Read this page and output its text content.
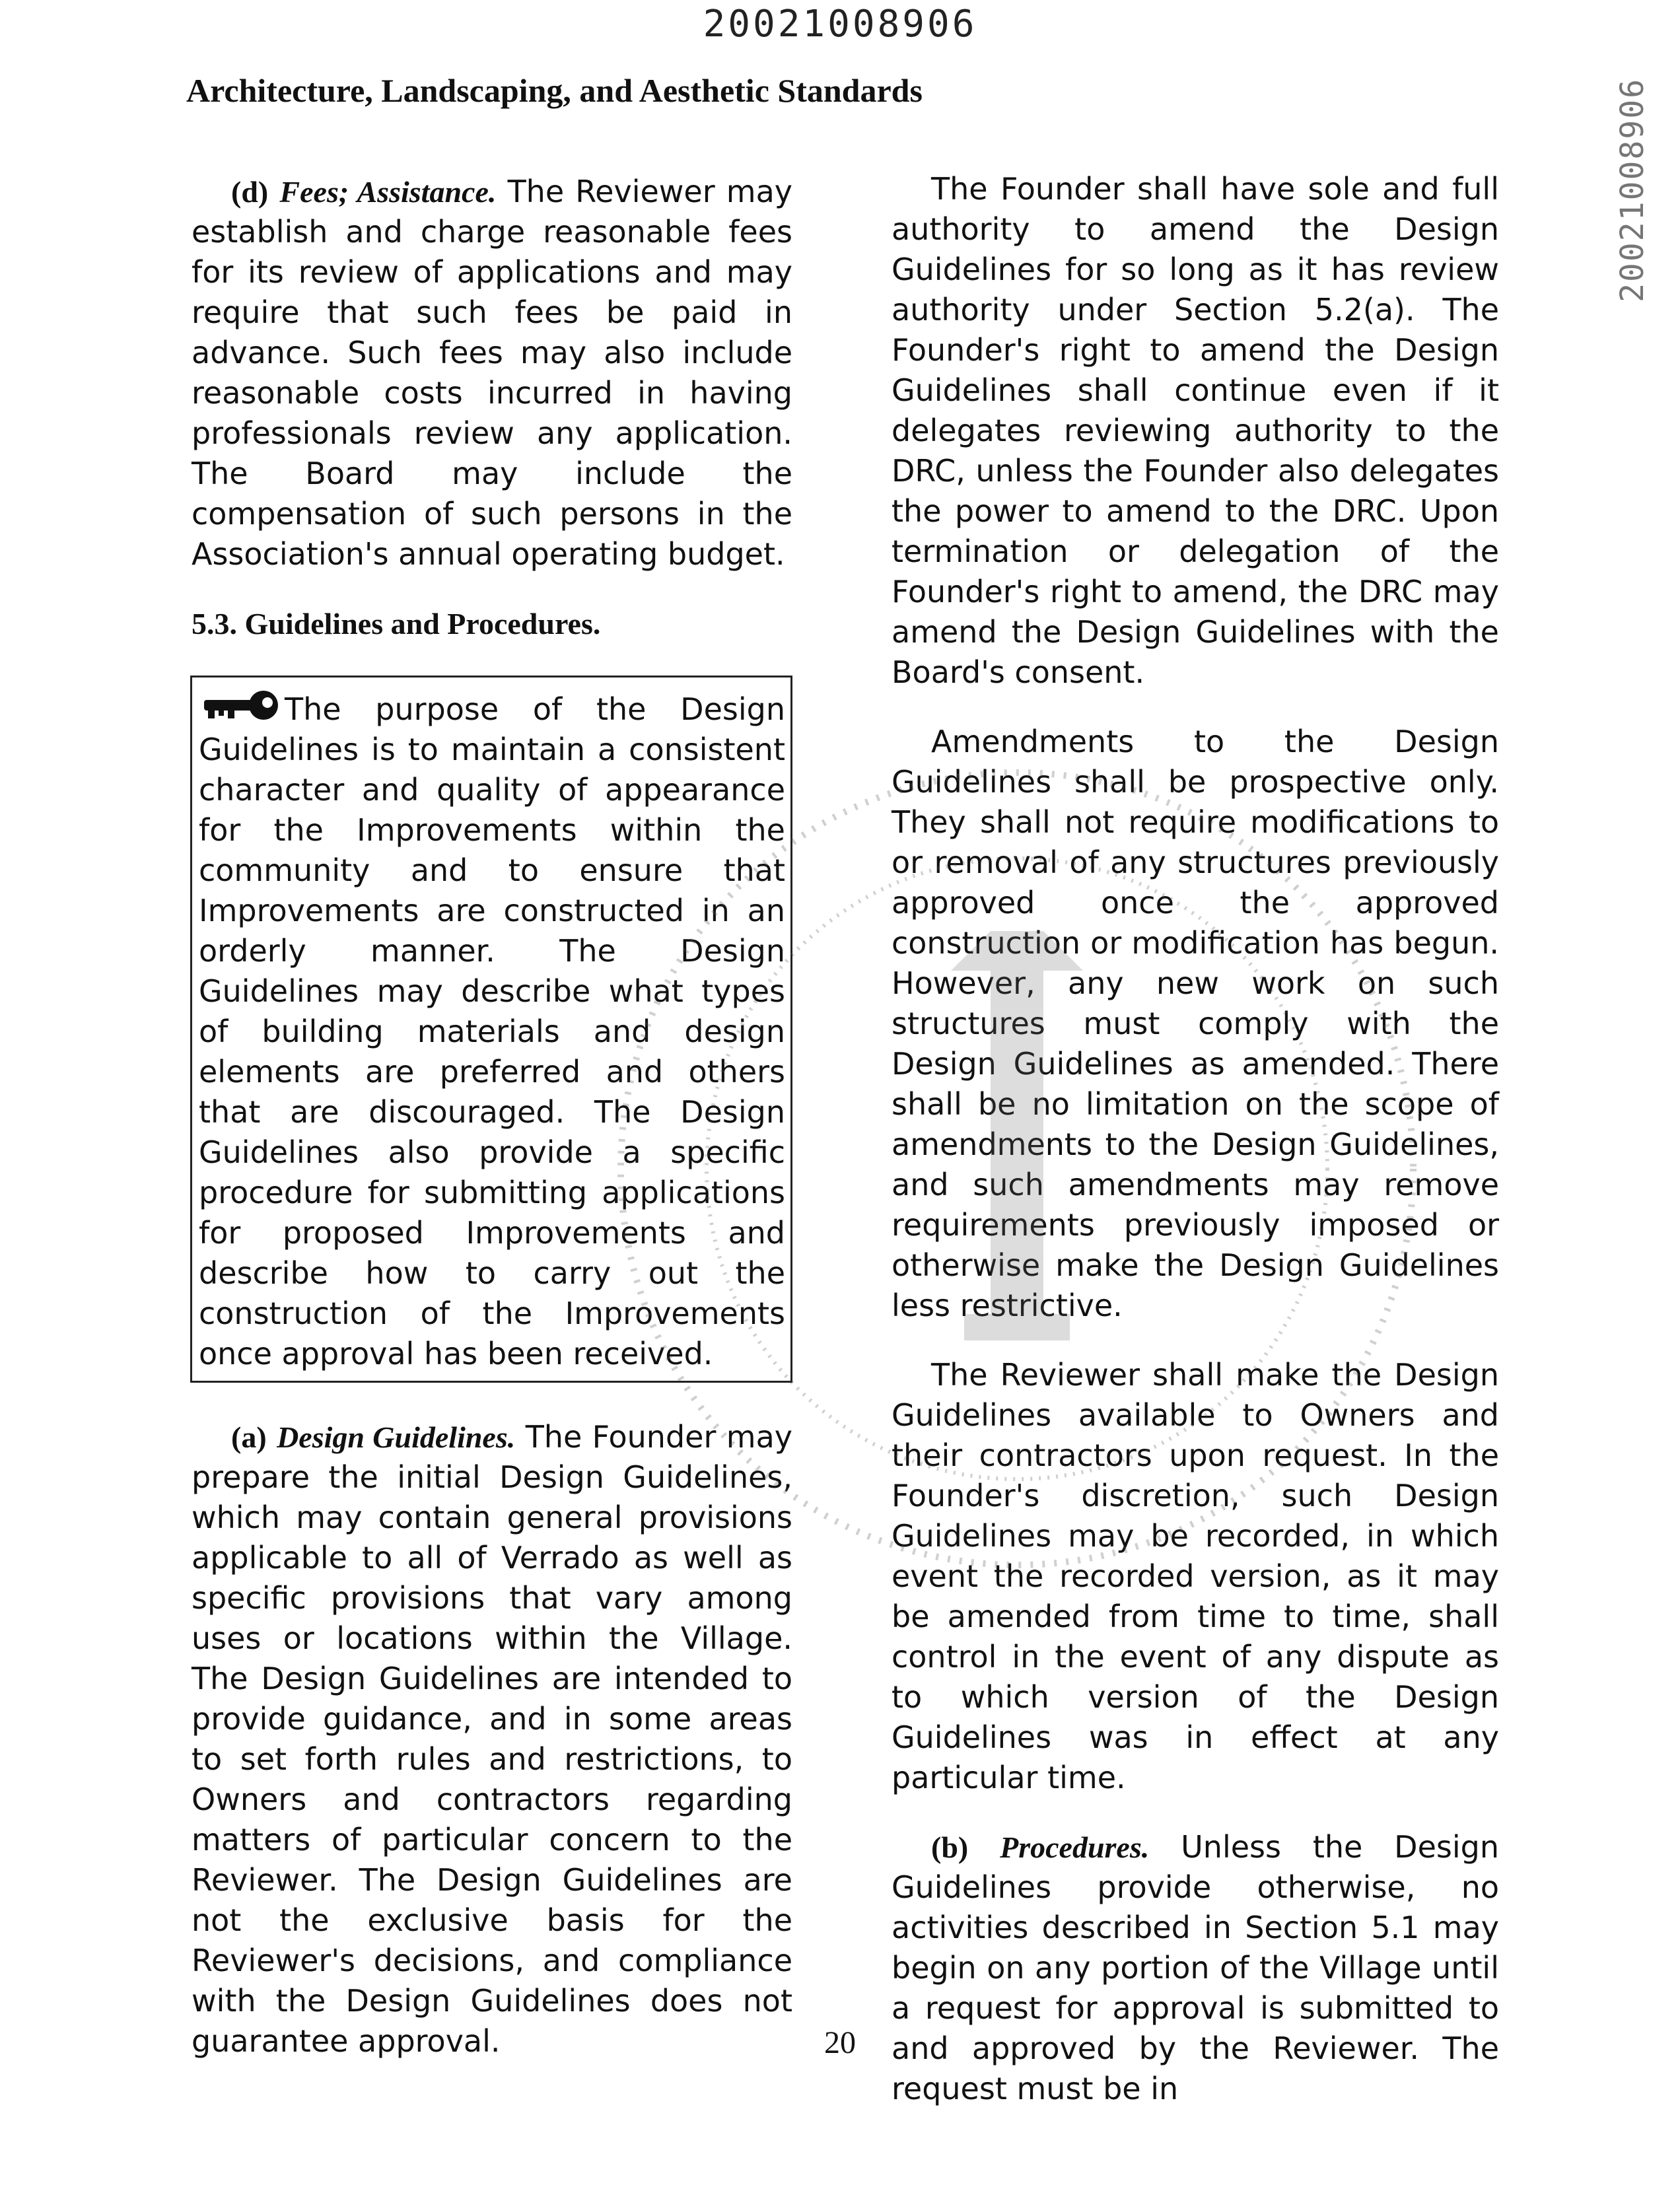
20021008906
Architecture, Landscaping, and Aesthetic Standards	20021008906

(d) Fees; Assistance. The Reviewer may establish and charge reasonable fees for its review of applications and may require that such fees be paid in advance. Such fees may also include reasonable costs incurred in having professionals review any application. The Board may include the compensation of such persons in the Association's annual operating budget.

5.3. Guidelines and Procedures.
The purpose of the Design Guidelines is to maintain a consistent character and quality of appearance for the Improvements within the community and to ensure that Improvements are constructed in an orderly manner. The Design Guidelines may describe what types of building materials and design elements are preferred and others that are discouraged. The Design Guidelines also provide a specific procedure for submitting applications for proposed Improvements and describe how to carry out the construction of the Improvements once approval has been received.

(a) Design Guidelines. The Founder may prepare the initial Design Guidelines, which may contain general provisions applicable to all of Verrado as well as specific provisions that vary among uses or locations within the Village. The Design Guidelines are intended to provide guidance, and in some areas to set forth rules and restrictions, to Owners and contractors regarding matters of particular concern to the Reviewer. The Design Guidelines are not the exclusive basis for the Reviewer's decisions, and compliance with the Design Guidelines does not guarantee approval.

The Founder shall have sole and full authority to amend the Design Guidelines for so long as it has review authority under Section 5.2(a). The Founder's right to amend the Design Guidelines shall continue even if it delegates reviewing authority to the DRC, unless the Founder also delegates the power to amend to the DRC. Upon termination or delegation of the Founder's right to amend, the DRC may amend the Design Guidelines with the Board's consent.

Amendments to the Design Guidelines shall be prospective only. They shall not require modifications to or removal of any structures previously approved once the approved construction or modification has begun. However, any new work on such structures must comply with the Design Guidelines as amended. There shall be no limitation on the scope of amendments to the Design Guidelines, and such amendments may remove requirements previously imposed or otherwise make the Design Guidelines less restrictive.

The Reviewer shall make the Design Guidelines available to Owners and their contractors upon request. In the Founder's discretion, such Design Guidelines may be recorded, in which event the recorded version, as it may be amended from time to time, shall control in the event of any dispute as to which version of the Design Guidelines was in effect at any particular time.

(b) Procedures. Unless the Design Guidelines provide otherwise, no activities described in Section 5.1 may begin on any portion of the Village until a request for approval is submitted to and approved by the Reviewer. The request must be in

20
